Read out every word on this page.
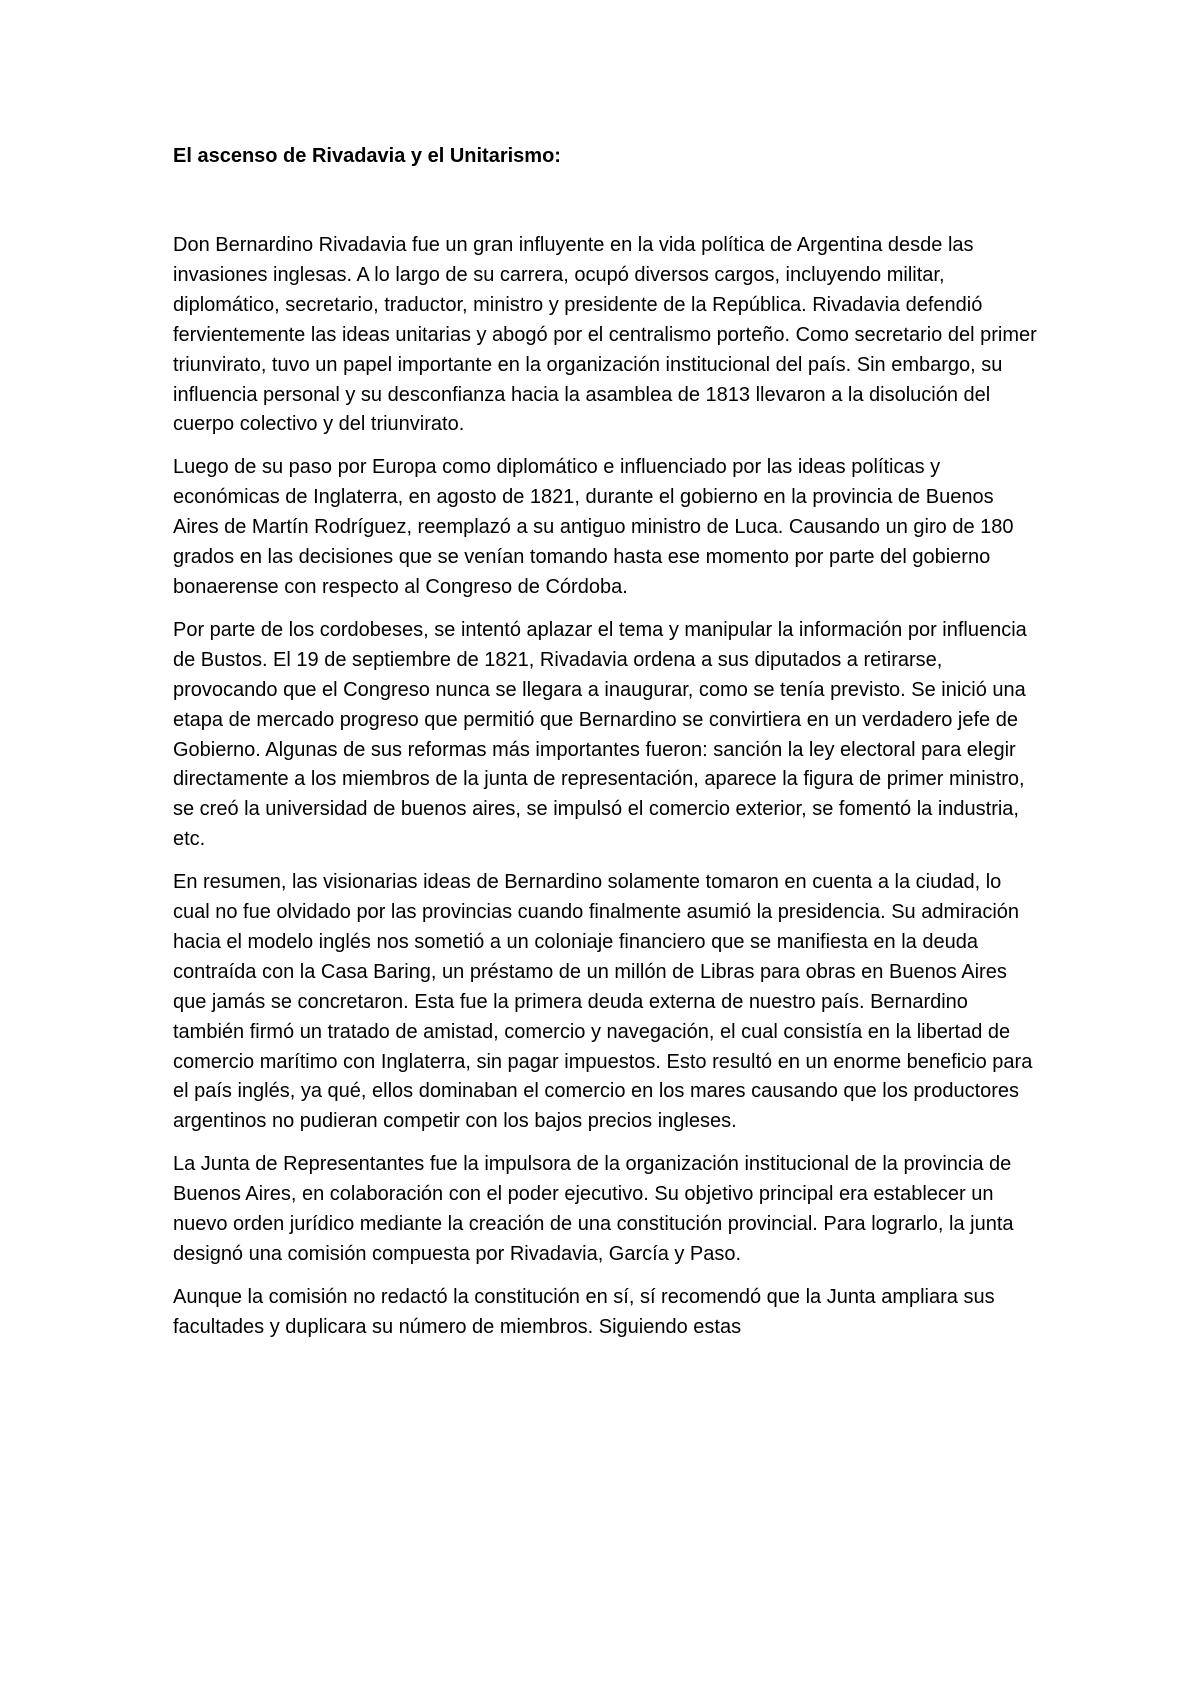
El ascenso de Rivadavia y el Unitarismo:

Don Bernardino Rivadavia fue un gran influyente en la vida política de Argentina desde las invasiones inglesas. A lo largo de su carrera, ocupó diversos cargos, incluyendo militar, diplomático, secretario, traductor, ministro y presidente de la República. Rivadavia defendió fervientemente las ideas unitarias y abogó por el centralismo porteño. Como secretario del primer triunvirato, tuvo un papel importante en la organización institucional del país. Sin embargo, su influencia personal y su desconfianza hacia la asamblea de 1813 llevaron a la disolución del cuerpo colectivo y del triunvirato.

Luego de su paso por Europa como diplomático e influenciado por las ideas políticas y económicas de Inglaterra, en agosto de 1821, durante el gobierno en la provincia de Buenos Aires de Martín Rodríguez, reemplazó a su antiguo ministro de Luca. Causando un giro de 180 grados en las decisiones que se venían tomando hasta ese momento por parte del gobierno bonaerense con respecto al Congreso de Córdoba.

Por parte de los cordobeses, se intentó aplazar el tema y manipular la información por influencia de Bustos. El 19 de septiembre de 1821, Rivadavia ordena a sus diputados a retirarse, provocando que el Congreso nunca se llegara a inaugurar, como se tenía previsto. Se inició una etapa de mercado progreso que permitió que Bernardino se convirtiera en un verdadero jefe de Gobierno. Algunas de sus reformas más importantes fueron: sanción la ley electoral para elegir directamente a los miembros de la junta de representación, aparece la figura de primer ministro, se creó la universidad de buenos aires, se impulsó el comercio exterior, se fomentó la industria, etc.

En resumen, las visionarias ideas de Bernardino solamente tomaron en cuenta a la ciudad, lo cual no fue olvidado por las provincias cuando finalmente asumió la presidencia. Su admiración hacia el modelo inglés nos sometió a un coloniaje financiero que se manifiesta en la deuda contraída con la Casa Baring, un préstamo de un millón de Libras para obras en Buenos Aires que jamás se concretaron. Esta fue la primera deuda externa de nuestro país. Bernardino también firmó un tratado de amistad, comercio y navegación, el cual consistía en la libertad de comercio marítimo con Inglaterra, sin pagar impuestos. Esto resultó en un enorme beneficio para el país inglés, ya qué, ellos dominaban el comercio en los mares causando que los productores argentinos no pudieran competir con los bajos precios ingleses.

La Junta de Representantes fue la impulsora de la organización institucional de la provincia de Buenos Aires, en colaboración con el poder ejecutivo. Su objetivo principal era establecer un nuevo orden jurídico mediante la creación de una constitución provincial. Para lograrlo, la junta designó una comisión compuesta por Rivadavia, García y Paso.

Aunque la comisión no redactó la constitución en sí, sí recomendó que la Junta ampliara sus facultades y duplicara su número de miembros. Siguiendo estas
